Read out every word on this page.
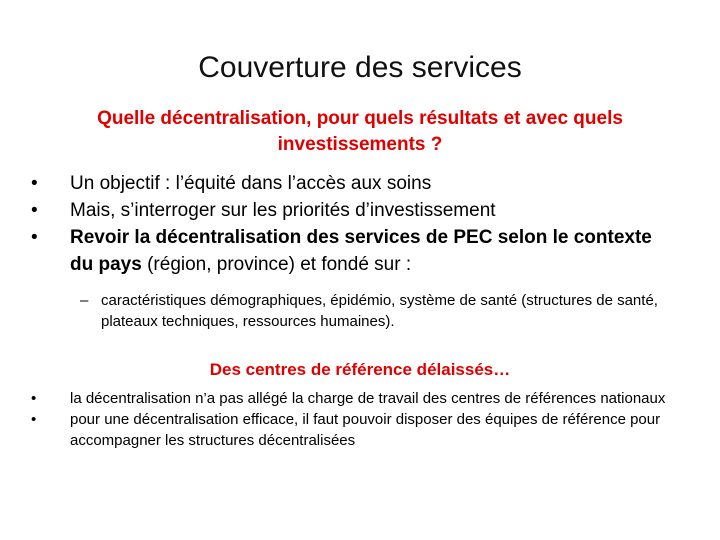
Couverture des services
Quelle décentralisation, pour quels résultats et avec quels investissements ?
• Un objectif : l’équité dans l’accès aux soins
• Mais, s’interroger sur les priorités d’investissement
• Revoir la décentralisation des services de PEC selon le contexte du pays (région, province) et fondé sur :
– caractéristiques démographiques, épidémio, système de santé (structures de santé, plateaux techniques, ressources humaines).
Des centres de référence délaissés…
• la décentralisation n’a pas allégé la charge de travail des centres de références nationaux
• pour une décentralisation efficace, il faut pouvoir disposer des équipes de référence pour accompagner les structures décentralisées
